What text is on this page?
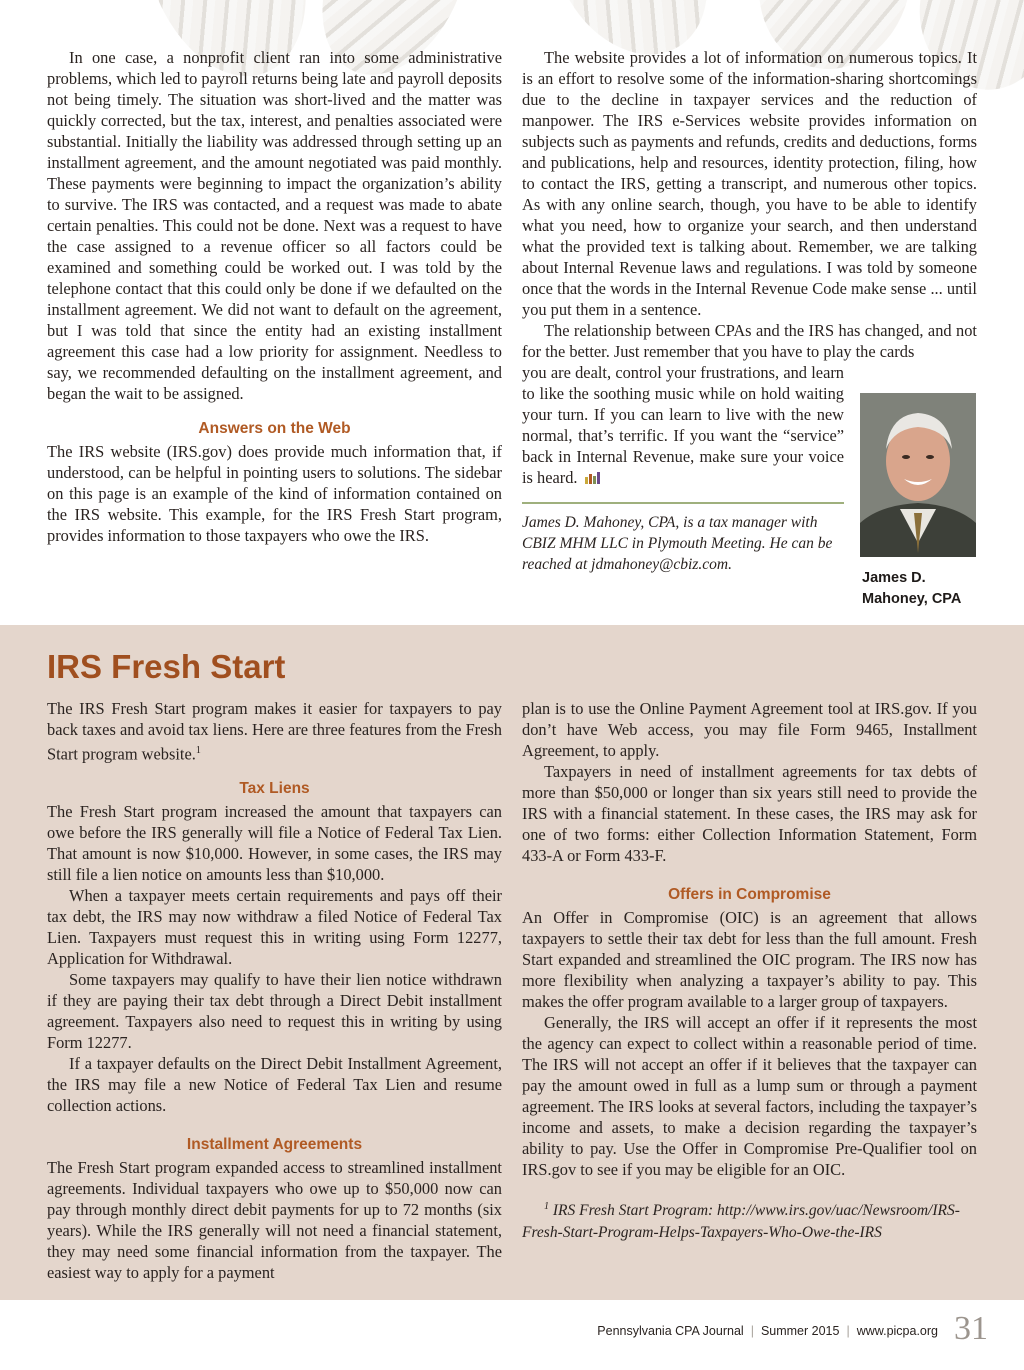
In one case, a nonprofit client ran into some administrative problems, which led to payroll returns being late and payroll deposits not being timely. The situation was short-lived and the matter was quickly corrected, but the tax, interest, and penalties associated were substantial. Initially the liability was addressed through setting up an installment agreement, and the amount negotiated was paid monthly. These payments were beginning to impact the organization’s ability to survive. The IRS was contacted, and a request was made to abate certain penalties. This could not be done. Next was a request to have the case assigned to a revenue officer so all factors could be examined and something could be worked out. I was told by the telephone contact that this could only be done if we defaulted on the installment agreement. We did not want to default on the agreement, but I was told that since the entity had an existing installment agreement this case had a low priority for assignment. Needless to say, we recommended defaulting on the installment agreement, and began the wait to be assigned.

Answers on the Web

The IRS website (IRS.gov) does provide much information that, if understood, can be helpful in pointing users to solutions. The sidebar on this page is an example of the kind of information contained on the IRS website. This example, for the IRS Fresh Start program, provides information to those taxpayers who owe the IRS.

The website provides a lot of information on numerous topics. It is an effort to resolve some of the information-sharing shortcomings due to the decline in taxpayer services and the reduction of manpower. The IRS e-Services website provides information on subjects such as payments and refunds, credits and deductions, forms and publications, help and resources, identity protection, filing, how to contact the IRS, getting a transcript, and numerous other topics. As with any online search, though, you have to be able to identify what you need, how to organize your search, and then understand what the provided text is talking about. Remember, we are talking about Internal Revenue laws and regulations. I was told by someone once that the words in the Internal Revenue Code make sense ... until you put them in a sentence.

The relationship between CPAs and the IRS has changed, and not for the better. Just remember that you have to play the cards

you are dealt, control your frustrations, and learn to like the soothing music while on hold waiting your turn. If you can learn to live with the new normal, that’s terrific. If you want the “service” back in Internal Revenue, make sure your voice is heard.

James D. Mahoney, CPA, is a tax manager with CBIZ MHM LLC in Plymouth Meeting. He can be reached at jdmahoney@cbiz.com.
James D.
Mahoney, CPA
IRS Fresh Start

The IRS Fresh Start program makes it easier for taxpayers to pay back taxes and avoid tax liens. Here are three features from the Fresh Start program website.$^1$

Tax Liens

The Fresh Start program increased the amount that taxpayers can owe before the IRS generally will file a Notice of Federal Tax Lien. That amount is now $10,000. However, in some cases, the IRS may still file a lien notice on amounts less than $10,000.

When a taxpayer meets certain requirements and pays off their tax debt, the IRS may now withdraw a filed Notice of Federal Tax Lien. Taxpayers must request this in writing using Form 12277, Application for Withdrawal.

Some taxpayers may qualify to have their lien notice withdrawn if they are paying their tax debt through a Direct Debit installment agreement. Taxpayers also need to request this in writing by using Form 12277.

If a taxpayer defaults on the Direct Debit Installment Agreement, the IRS may file a new Notice of Federal Tax Lien and resume collection actions.

Installment Agreements

The Fresh Start program expanded access to streamlined installment agreements. Individual taxpayers who owe up to $50,000 now can pay through monthly direct debit payments for up to 72 months (six years). While the IRS generally will not need a financial statement, they may need some financial information from the taxpayer. The easiest way to apply for a payment

plan is to use the Online Payment Agreement tool at IRS.gov. If you don’t have Web access, you may file Form 9465, Installment Agreement, to apply.

Taxpayers in need of installment agreements for tax debts of more than $50,000 or longer than six years still need to provide the IRS with a financial statement. In these cases, the IRS may ask for one of two forms: either Collection Information Statement, Form 433-A or Form 433-F.

Offers in Compromise

An Offer in Compromise (OIC) is an agreement that allows taxpayers to settle their tax debt for less than the full amount. Fresh Start expanded and streamlined the OIC program. The IRS now has more flexibility when analyzing a taxpayer’s ability to pay. This makes the offer program available to a larger group of taxpayers.

Generally, the IRS will accept an offer if it represents the most the agency can expect to collect within a reasonable period of time. The IRS will not accept an offer if it believes that the taxpayer can pay the amount owed in full as a lump sum or through a payment agreement. The IRS looks at several factors, including the taxpayer’s income and assets, to make a decision regarding the taxpayer’s ability to pay. Use the Offer in Compromise Pre-Qualifier tool on IRS.gov to see if you may be eligible for an OIC.

$^1$ IRS Fresh Start Program: http://www.irs.gov/uac/Newsroom/IRS-Fresh-Start-Program-Helps-Taxpayers-Who-Owe-the-IRS
Pennsylvania CPA Journal | Summer 2015 | www.picpa.org 31
